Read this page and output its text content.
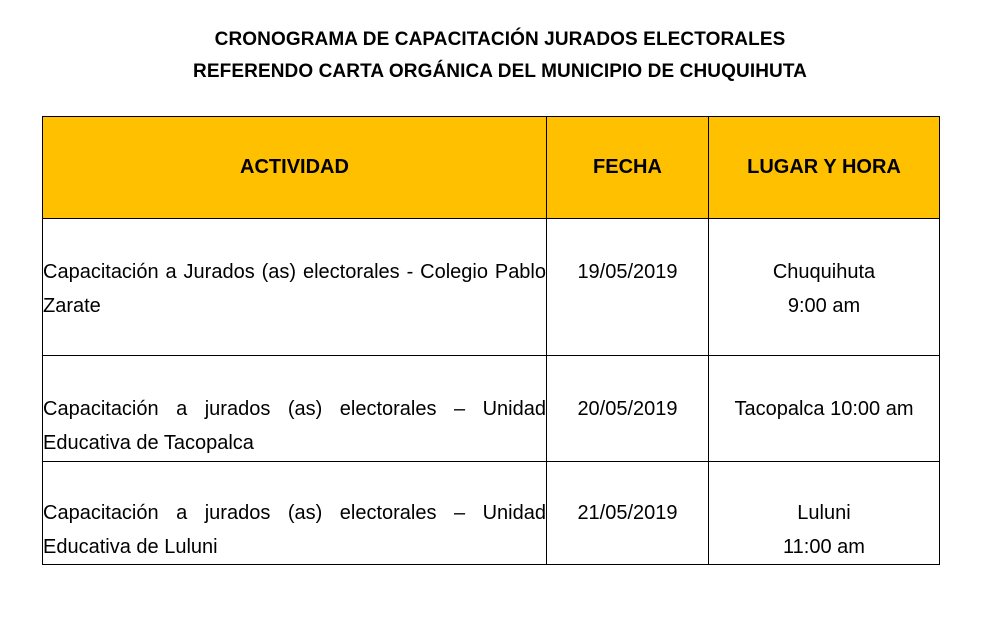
CRONOGRAMA DE CAPACITACIÓN JURADOS ELECTORALES
REFERENDO CARTA ORGÁNICA DEL MUNICIPIO DE CHUQUIHUTA
ACTIVIDAD	FECHA	LUGAR Y HORA
Capacitación a Jurados (as) electorales - Colegio Pablo Zarate	19/05/2019	Chuquihuta
9:00 am

Capacitación a jurados (as) electorales – Unidad Educativa de Tacopalca	20/05/2019	Tacopalca 10:00 am

Capacitación a jurados (as) electorales – Unidad Educativa de Luluni	21/05/2019	Luluni
11:00 am
